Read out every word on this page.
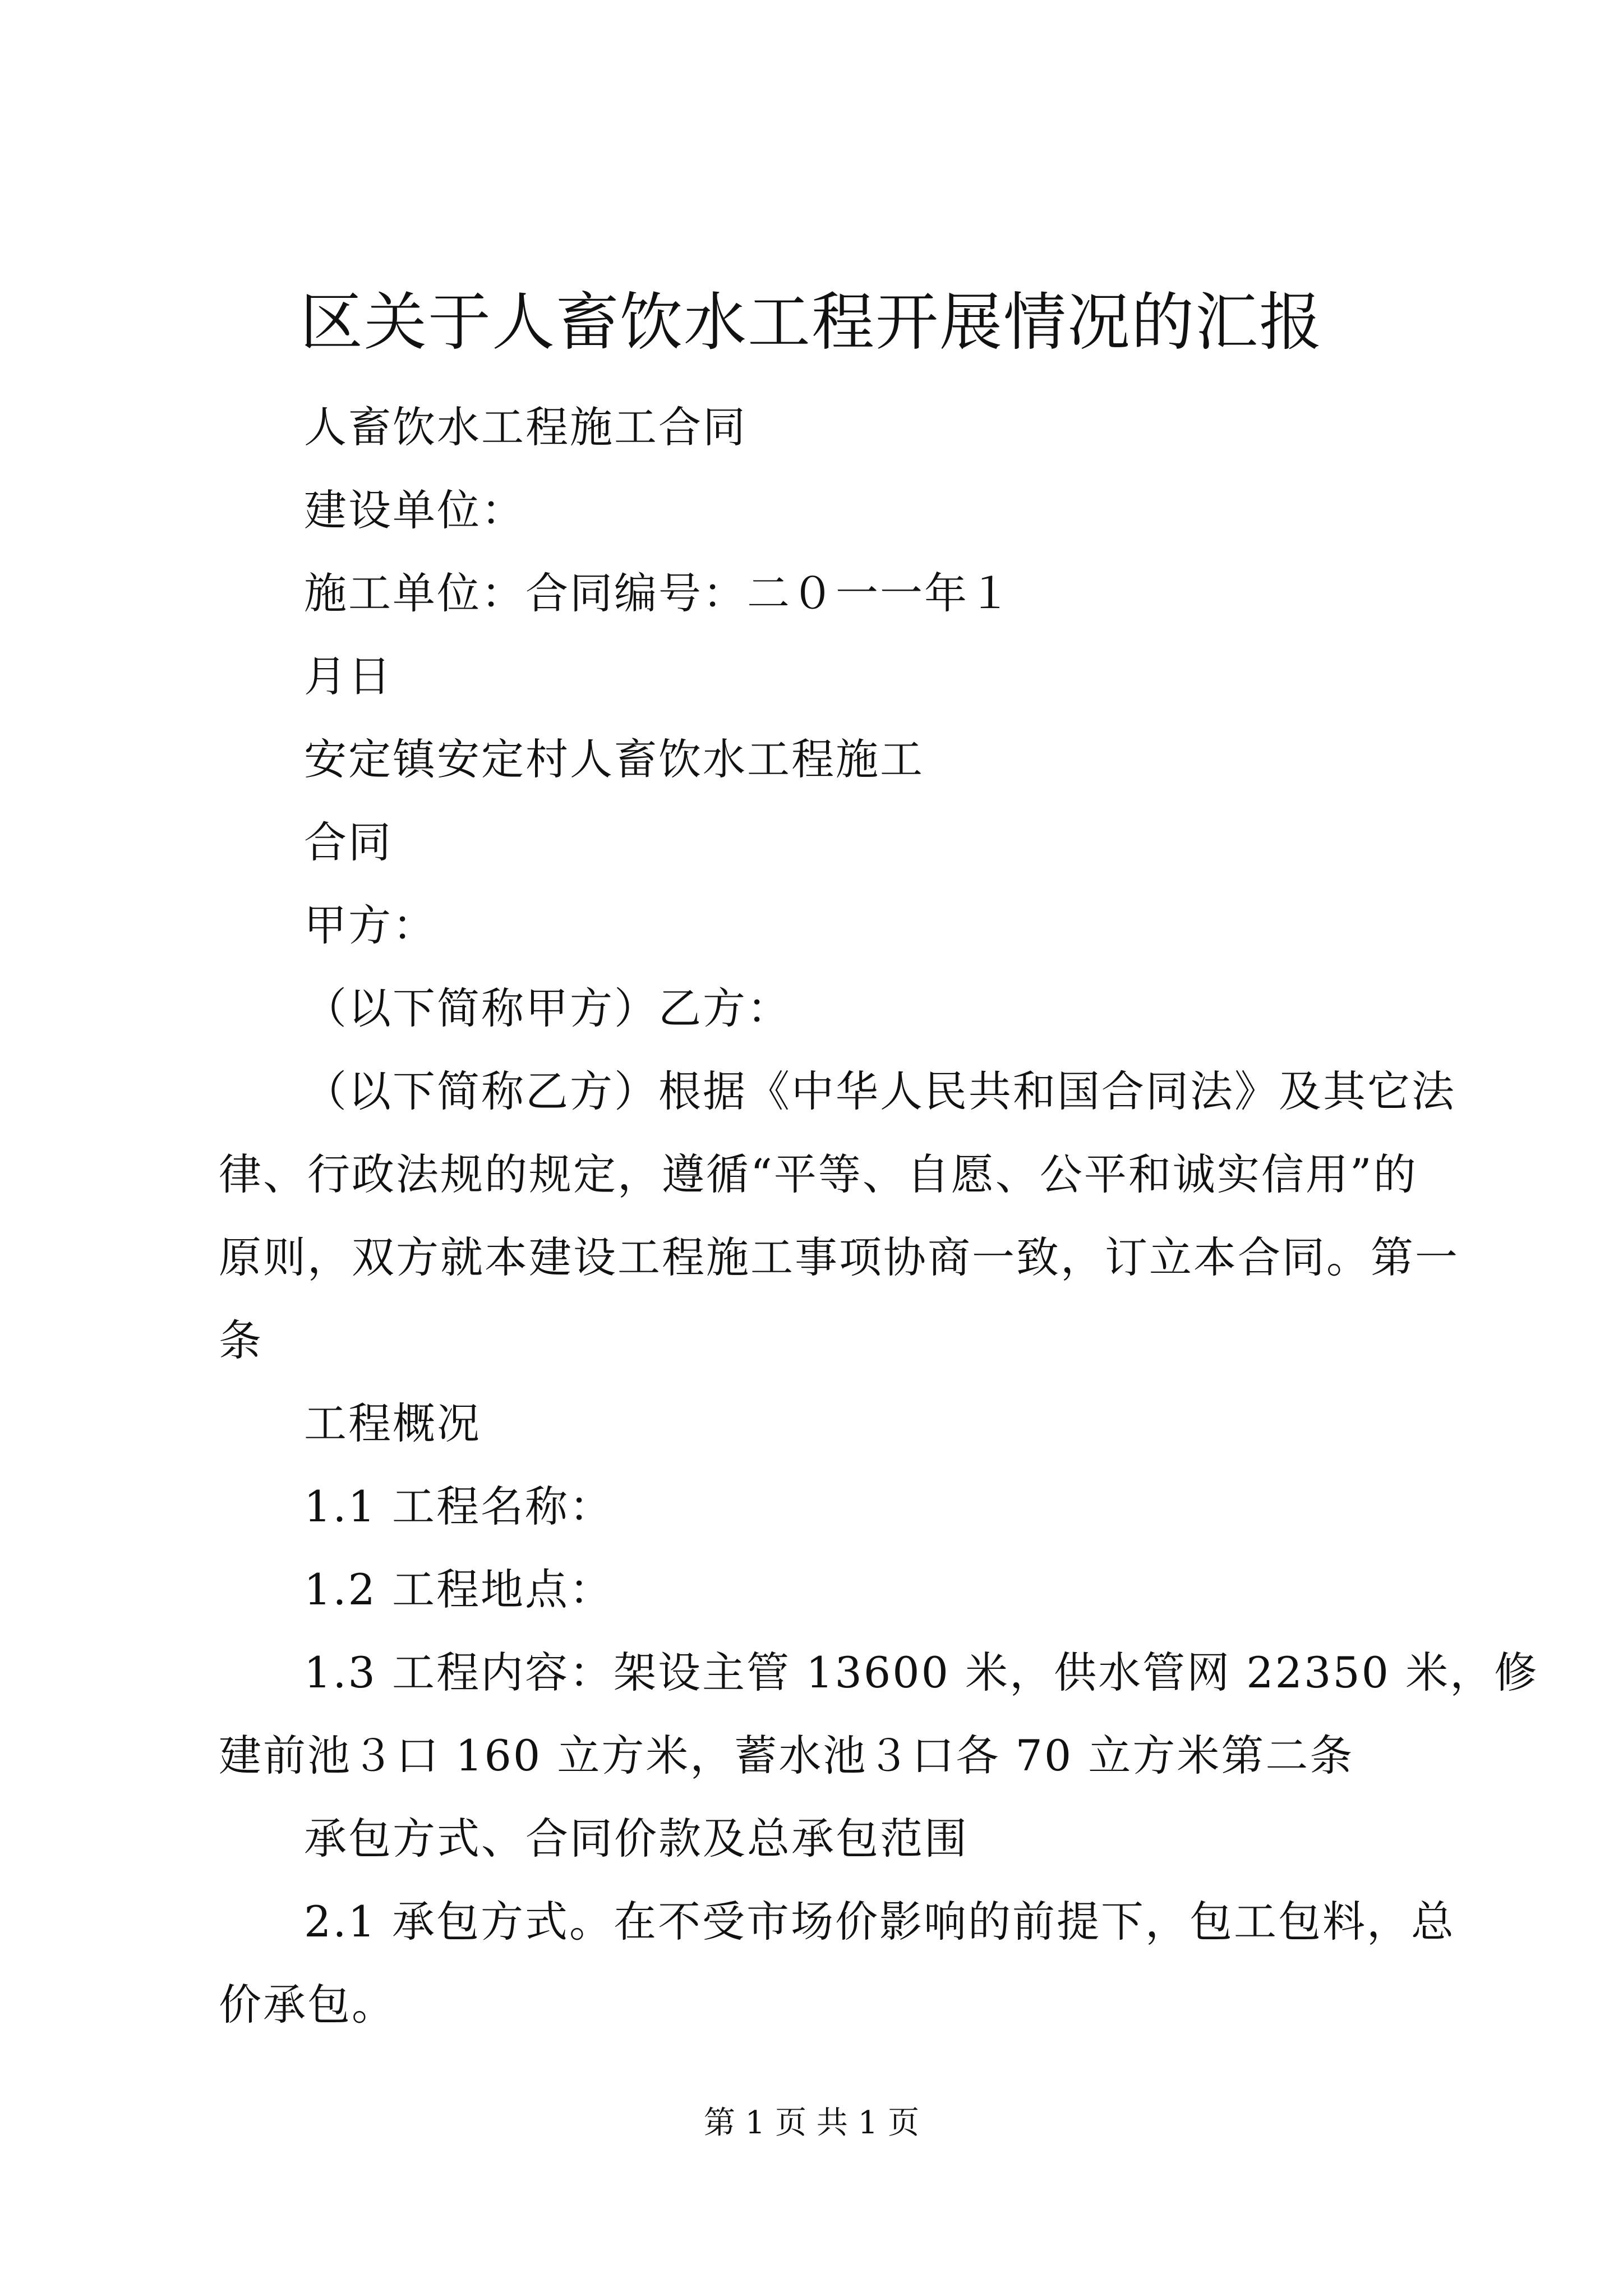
区关于人畜饮水工程开展情况的汇报
人畜饮水工程施工合同
建设单位：
施工单位：合同编号：二０一一年１
月日
安定镇安定村人畜饮水工程施工
合同
甲方：
（以下简称甲方）乙方：
（以下简称乙方）根据《中华人民共和国合同法》及其它法
律、行政法规的规定，遵循“平等、自愿、公平和诚实信用”的
原则，双方就本建设工程施工事项协商一致，订立本合同。第一
条
工程概况
1.1 工程名称：
1.2 工程地点：
1.3 工程内容：架设主管 13600 米，供水管网 22350 米，修
建前池３口 160 立方米，蓄水池３口各 70 立方米第二条
承包方式、合同价款及总承包范围
2.1 承包方式。在不受市场价影响的前提下，包工包料，总
价承包。
第 1 页 共 1 页
